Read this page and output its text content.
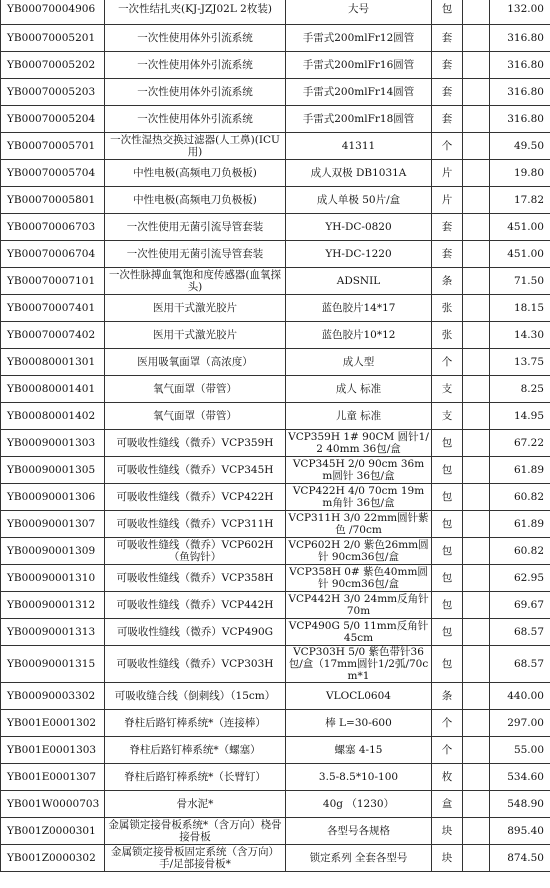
YB00070004906	一次性结扎夹(KJ-JZJ02L 2枚装)	大号	包		132.00
YB00070005201	一次性使用体外引流系统	手雷式200mlFr12圆管	套		316.80
YB00070005202	一次性使用体外引流系统	手雷式200mlFr16圆管	套		316.80
YB00070005203	一次性使用体外引流系统	手雷式200mlFr14圆管	套		316.80
YB00070005204	一次性使用体外引流系统	手雷式200mlFr18圆管	套		316.80
YB00070005701	一次性湿热交换过滤器(人工鼻)(ICU用)	41311	个		49.50
YB00070005704	中性电极(高频电刀负极板)	成人双极 DB1031A	片		19.80
YB00070005801	中性电极(高频电刀负极板)	成人单极 50片/盒	片		17.82
YB00070006703	一次性使用无菌引流导管套装	YH-DC-0820	套		451.00
YB00070006704	一次性使用无菌引流导管套装	YH-DC-1220	套		451.00
YB00070007101	一次性脉搏血氧饱和度传感器(血氧探头)	ADSNIL	条		71.50
YB00070007401	医用干式激光胶片	蓝色胶片14*17	张		18.15
YB00070007402	医用干式激光胶片	蓝色胶片10*12	张		14.30
YB00080001301	医用吸氧面罩（高浓度）	成人型	个		13.75
YB00080001401	氧气面罩（带管）	成人 标准	支		8.25
YB00080001402	氧气面罩（带管）	儿童 标准	支		14.95
YB00090001303	可吸收性缝线（微乔）VCP359H	VCP359H 1# 90CM 圆针1/2 40mm 36包/盒	包		67.22
YB00090001305	可吸收性缝线（微乔）VCP345H	VCP345H 2/0 90cm 36mm圆针 36包/盒	包		61.89
YB00090001306	可吸收性缝线（微乔）VCP422H	VCP422H 4/0 70cm 19mm角针 36包/盒	包		60.82
YB00090001307	可吸收性缝线（微乔）VCP311H	VCP311H 3/0 22mm圆针紫色 /70cm	包		61.89
YB00090001309	可吸收性缝线（微乔）VCP602H（鱼钩针）	VCP602H 2/0 紫色26mm圆针 90cm36包/盒	包		60.82
YB00090001310	可吸收性缝线（微乔）VCP358H	VCP358H 0# 紫色40mm圆针 90cm36包/盒	包		62.95
YB00090001312	可吸收性缝线（微乔）VCP442H	VCP442H 3/0 24mm反角针 70m	包		69.67
YB00090001313	可吸收性缝线（微乔）VCP490G	VCP490G 5/0 11mm反角针 45cm	包		68.57
YB00090001315	可吸收性缝线（微乔）VCP303H	VCP303H 5/0 紫色带针36包/盒（17mm圆针1/2弧/70cm*1	包		68.57
YB00090003302	可吸收缝合线（倒刺线）（15cm）	VLOCL0604	条		440.00
YB001E0001302	脊柱后路钉棒系统*（连接棒）	棒 L=30-600	个		297.00
YB001E0001303	脊柱后路钉棒系统*（螺塞）	螺塞 4-15	个		55.00
YB001E0001307	脊柱后路钉棒系统*（长臂钉）	3.5-8.5*10-100	枚		534.60
YB001W0000703	骨水泥*	40g （1230）	盒		548.90
YB001Z0000301	金属锁定接骨板系统*（含万向）桡骨接骨板	各型号各规格	块		895.40
YB001Z0000302	金属锁定接骨板固定系统（含万向）手/足部接骨板*	锁定系列 全套各型号	块		874.50
